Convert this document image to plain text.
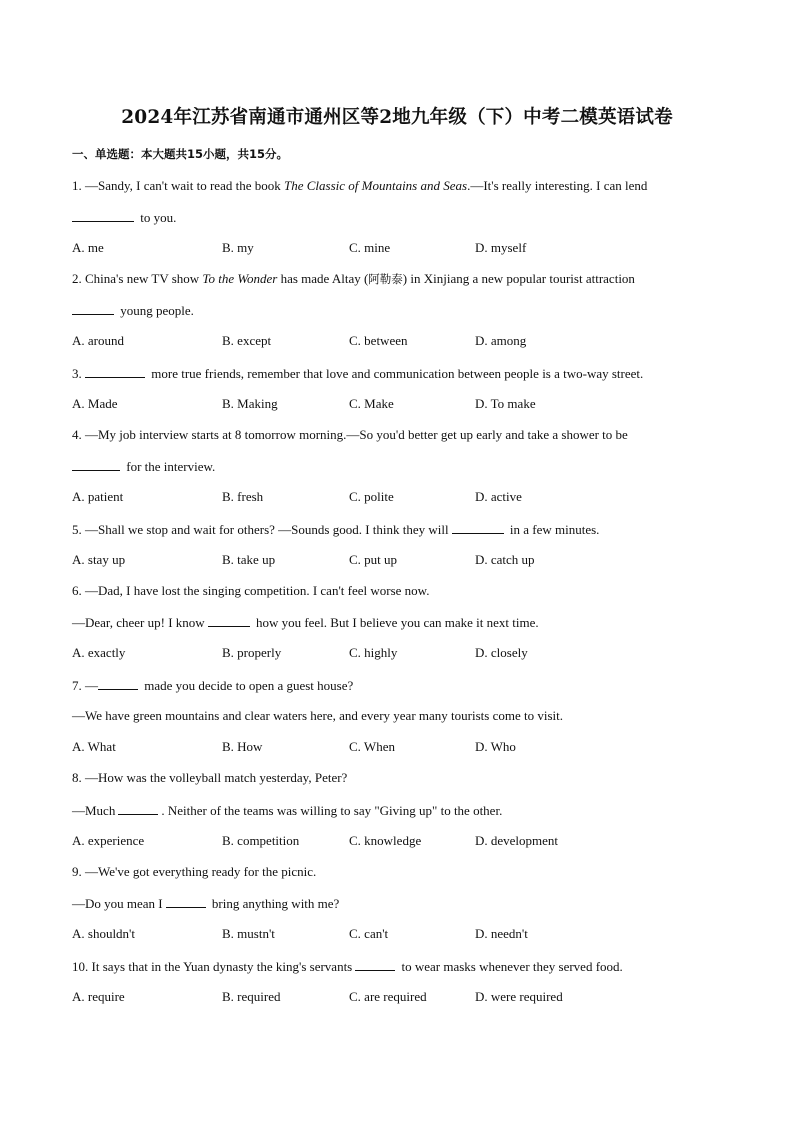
2024年江苏省南通市通州区等2地九年级（下）中考二模英语试卷
一、单选题：本大题共15小题，共15分。
1. —Sandy, I can't wait to read the book The Classic of Mountains and Seas.—It's really interesting. I can lend
to you.
A. me	B. my	C. mine	D. myself
2. China's new TV show To the Wonder has made Altay (阿勒泰) in Xinjiang a new popular tourist attraction
young people.
A. around	B. except	C. between	D. among
3.	more true friends, remember that love and communication between people is a two-way street.
A. Made	B. Making	C. Make	D. To make
4. —My job interview starts at 8 tomorrow morning.—So you'd better get up early and take a shower to be
for the interview.
A. patient	B. fresh	C. polite	D. active
5. —Shall we stop and wait for others? —Sounds good. I think they will	in a few minutes.
A. stay up	B. take up	C. put up	D. catch up
6. —Dad, I have lost the singing competition. I can't feel worse now.
—Dear, cheer up! I know	how you feel. But I believe you can make it next time.
A. exactly	B. properly	C. highly	D. closely
7. —	made you decide to open a guest house?
—We have green mountains and clear waters here, and every year many tourists come to visit.
A. What	B. How	C. When	D. Who
8. —How was the volleyball match yesterday, Peter?
—Much	. Neither of the teams was willing to say "Giving up" to the other.
A. experience	B. competition	C. knowledge	D. development
9. —We've got everything ready for the picnic.
—Do you mean I	bring anything with me?
A. shouldn't	B. mustn't	C. can't	D. needn't
10. It says that in the Yuan dynasty the king's servants	to wear masks whenever they served food.
A. require	B. required	C. are required	D. were required
